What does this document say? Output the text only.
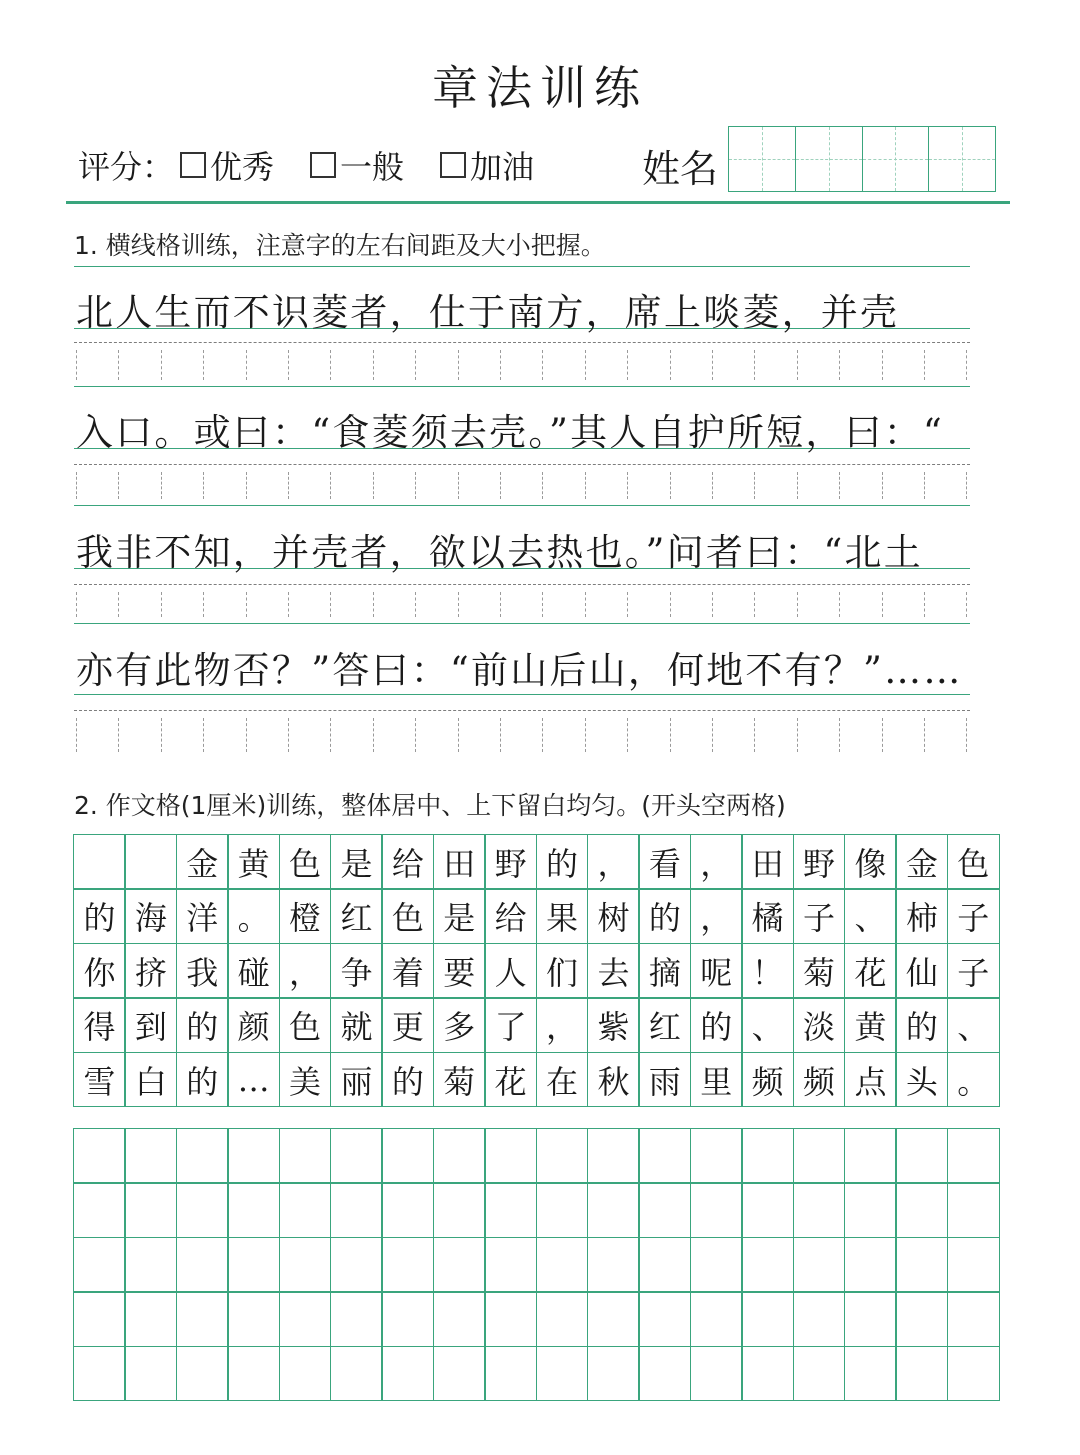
章法训练
评分： 优秀 一般 加油	姓名
1. 横线格训练，注意字的左右间距及大小把握。
北人生而不识菱者，仕于南方，席上啖菱，并壳
入口。或曰：“食菱须去壳。”其人自护所短，曰：“
我非不知，并壳者，欲以去热也。”问者曰：“北土
亦有此物否？”答曰：“前山后山，何地不有？”……
2. 作文格(1厘米)训练，整体居中、上下留白均匀。(开头空两格)
金 黄 色 是 给 田 野 的 ， 看 ， 田 野 像 金 色
的 海 洋 。 橙 红 色 是 给 果 树 的 ， 橘 子 、 柿 子
你 挤 我 碰 ， 争 着 要 人 们 去 摘 呢 ！ 菊 花 仙 子
得 到 的 颜 色 就 更 多 了 ， 紫 红 的 、 淡 黄 的 、
雪 白 的 … 美 丽 的 菊 花 在 秋 雨 里 频 频 点 头 。
